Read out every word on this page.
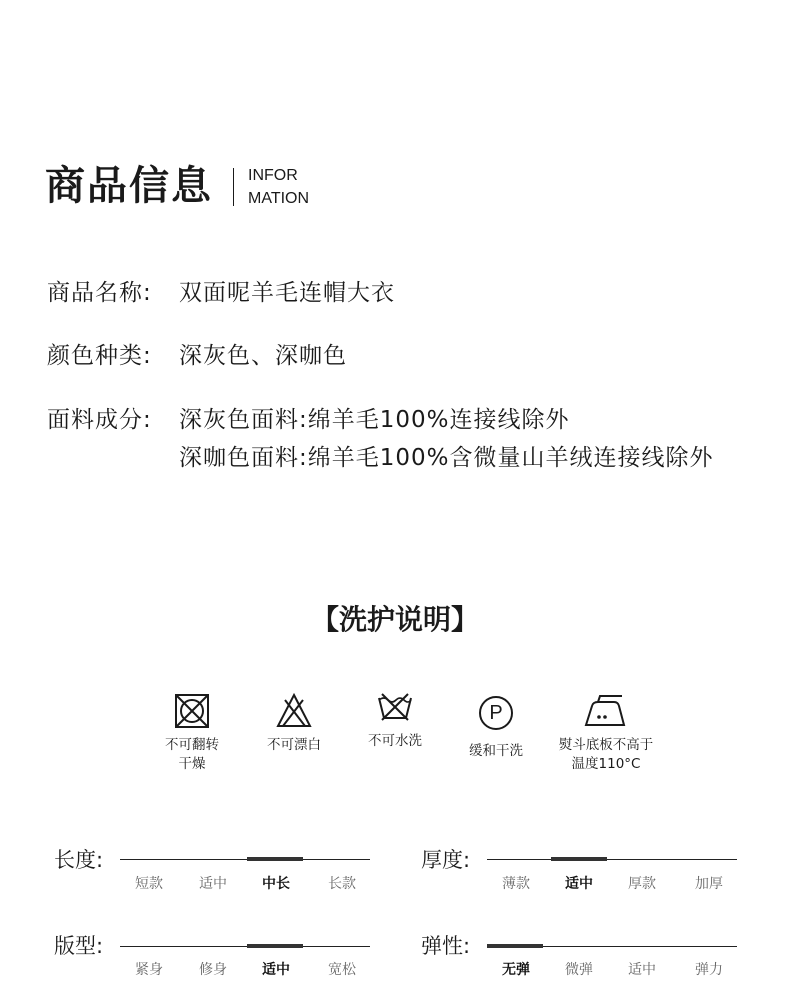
商品信息 INFOR
MATION
商品名称:	双面呢羊毛连帽大衣
颜色种类:	深灰色、深咖色
面料成分:	深灰色面料:绵羊毛100%连接线除外
深咖色面料:绵羊毛100%含微量山羊绒连接线除外
【洗护说明】
不可翻转
干燥
不可漂白	不可水洗
P
缓和干洗	熨斗底板不高于
温度110°C
长度:
短款	适中	中长	长款
厚度:
薄款	适中	厚款	加厚
版型:
紧身	修身	适中	宽松
弹性:
无弹	微弹	适中	弹力
